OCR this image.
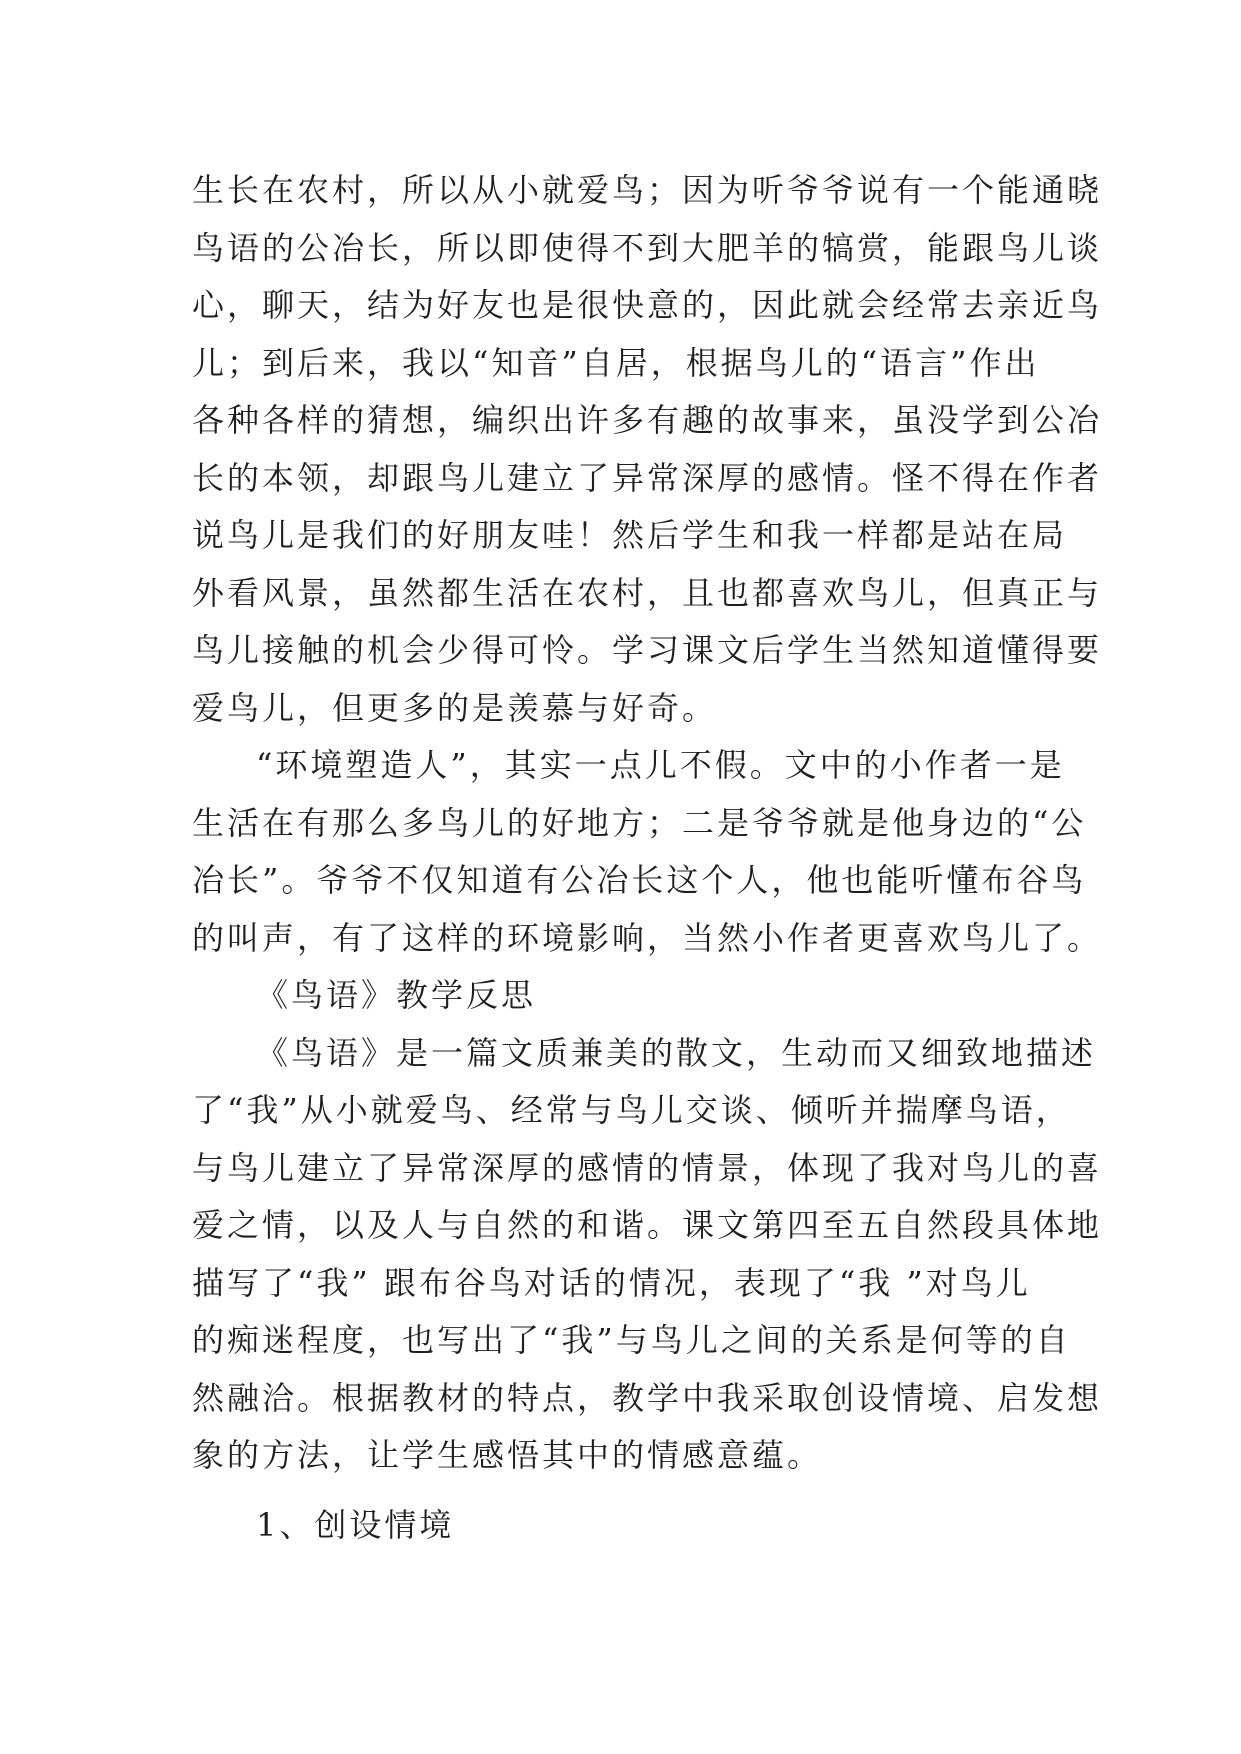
生长在农村，所以从小就爱鸟；因为听爷爷说有一个能通晓
鸟语的公冶长，所以即使得不到大肥羊的犒赏，能跟鸟儿谈
心，聊天，结为好友也是很快意的，因此就会经常去亲近鸟
儿；到后来，我以“知音”自居，根据鸟儿的“语言”作出
各种各样的猜想，编织出许多有趣的故事来，虽没学到公冶
长的本领，却跟鸟儿建立了异常深厚的感情。怪不得在作者
说鸟儿是我们的好朋友哇！然后学生和我一样都是站在局
外看风景，虽然都生活在农村，且也都喜欢鸟儿，但真正与
鸟儿接触的机会少得可怜。学习课文后学生当然知道懂得要
爱鸟儿，但更多的是羡慕与好奇。
“环境塑造人”，其实一点儿不假。文中的小作者一是
生活在有那么多鸟儿的好地方；二是爷爷就是他身边的“公
冶长”。爷爷不仅知道有公冶长这个人，他也能听懂布谷鸟
的叫声，有了这样的环境影响，当然小作者更喜欢鸟儿了。
《鸟语》教学反思
《鸟语》是一篇文质兼美的散文，生动而又细致地描述
了“我”从小就爱鸟、经常与鸟儿交谈、倾听并揣摩鸟语，
与鸟儿建立了异常深厚的感情的情景，体现了我对鸟儿的喜
爱之情，以及人与自然的和谐。课文第四至五自然段具体地
描写了“我” 跟布谷鸟对话的情况，表现了“我 ”对鸟儿
的痴迷程度，也写出了“我”与鸟儿之间的关系是何等的自
然融洽。根据教材的特点，教学中我采取创设情境、启发想
象的方法，让学生感悟其中的情感意蕴。
1、创设情境
